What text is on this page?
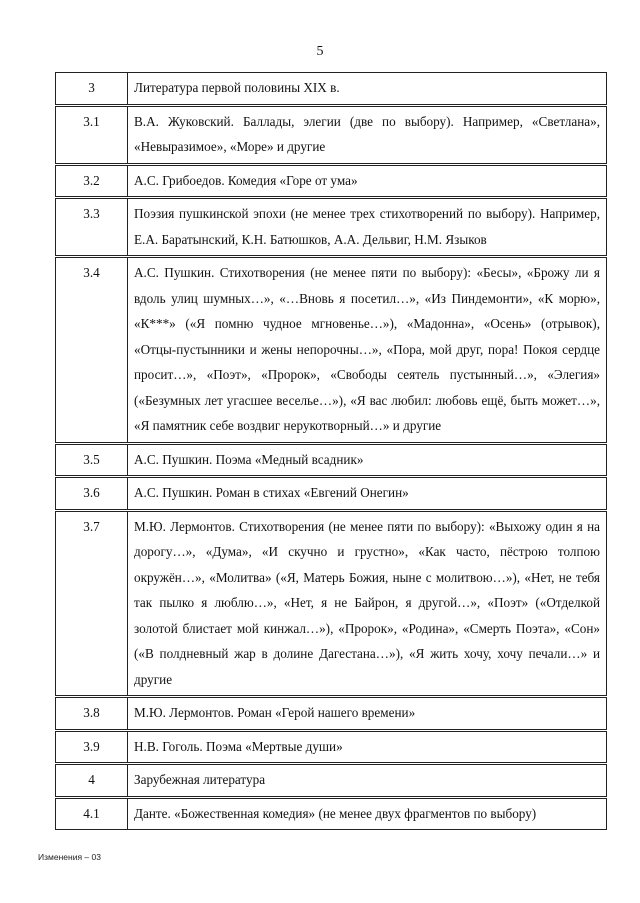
5
3	Литература первой половины XIX в.
3.1	В.А. Жуковский. Баллады, элегии (две по выбору). Например, «Светлана», «Невыразимое», «Море» и другие
3.2	А.С. Грибоедов. Комедия «Горе от ума»
3.3	Поэзия пушкинской эпохи (не менее трех стихотворений по выбору). Например, Е.А. Баратынский, К.Н. Батюшков, А.А. Дельвиг, Н.М. Языков
3.4	А.С. Пушкин. Стихотворения (не менее пяти по выбору): «Бесы», «Брожу ли я вдоль улиц шумных…», «…Вновь я посетил…», «Из Пиндемонти», «К морю», «К***» («Я помню чудное мгновенье…»), «Мадонна», «Осень» (отрывок), «Отцы-пустынники и жены непорочны…», «Пора, мой друг, пора! Покоя сердце просит…», «Поэт», «Пророк», «Свободы сеятель пустынный…», «Элегия» («Безумных лет угасшее веселье…»), «Я вас любил: любовь ещё, быть может…», «Я памятник себе воздвиг нерукотворный…» и другие
3.5	А.С. Пушкин. Поэма «Медный всадник»
3.6	А.С. Пушкин. Роман в стихах «Евгений Онегин»
3.7	М.Ю. Лермонтов. Стихотворения (не менее пяти по выбору): «Выхожу один я на дорогу…», «Дума», «И скучно и грустно», «Как часто, пёстрою толпою окружён…», «Молитва» («Я, Матерь Божия, ныне с молитвою…»), «Нет, не тебя так пылко я люблю…», «Нет, я не Байрон, я другой…», «Поэт» («Отделкой золотой блистает мой кинжал…»), «Пророк», «Родина», «Смерть Поэта», «Сон» («В полдневный жар в долине Дагестана…»), «Я жить хочу, хочу печали…» и другие
3.8	М.Ю. Лермонтов. Роман «Герой нашего времени»
3.9	Н.В. Гоголь. Поэма «Мертвые души»
4	Зарубежная литература
4.1	Данте. «Божественная комедия» (не менее двух фрагментов по выбору)
Изменения – 03
